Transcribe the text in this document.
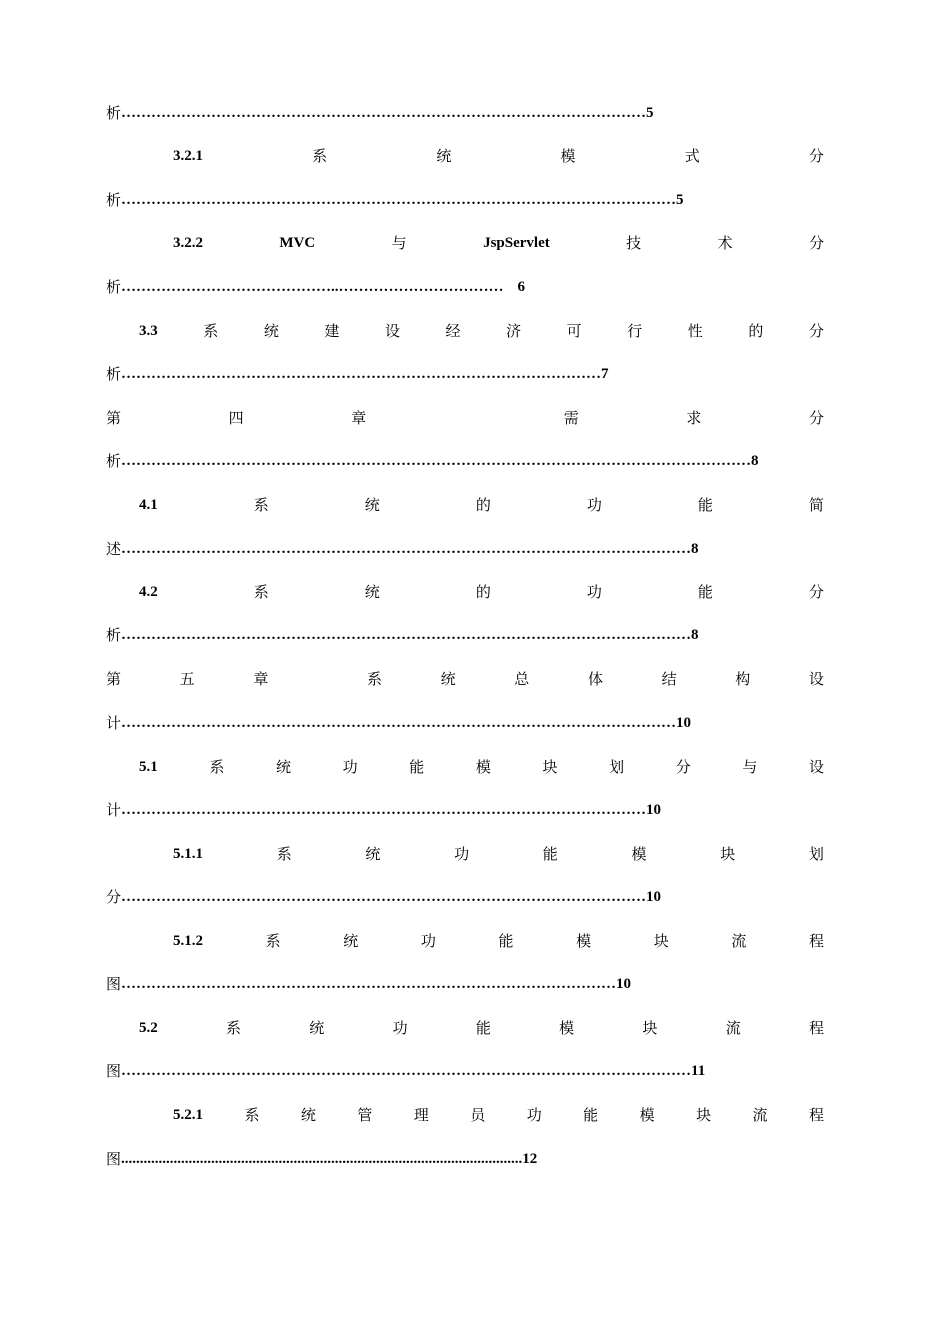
析 …………………………………………………………………………………………… 5
3.2.1	系	统	模	式	分
析 ………………………………………………………………………………………………… 5
3.2.2	MVC	与	JspServlet	技	术	分
析 ……………………………………..…………………………… 6
3.3	系	统	建	设	经	济	可	行	性	的	分
析 …………………………………………………………………………………… 7
第	四	章	需	求	分
析 ……………………………………………………………………………………………………………… 8
4.1	系	统	的	功	能	简
述 …………………………………………………………………………………………………… 8
4.2	系	统	的	功	能	分
析 …………………………………………………………………………………………………… 8
第	五	章	系	统	总	体	结	构	设
计 ………………………………………………………………………………………………… 10
5.1	系	统	功	能	模	块	划	分	与	设
计 …………………………………………………………………………………………… 10
5.1.1	系	统	功	能	模	块	划
分 …………………………………………………………………………………………… 10
5.1.2	系	统	功	能	模	块	流	程
图 ……………………………………………………………………………………… 10
5.2	系	统	功	能	模	块	流	程
图 …………………………………………………………………………………………………… 11
5.2.1	系	统	管	理	员	功	能	模	块	流	程
图 ........................................................................................................... 12
